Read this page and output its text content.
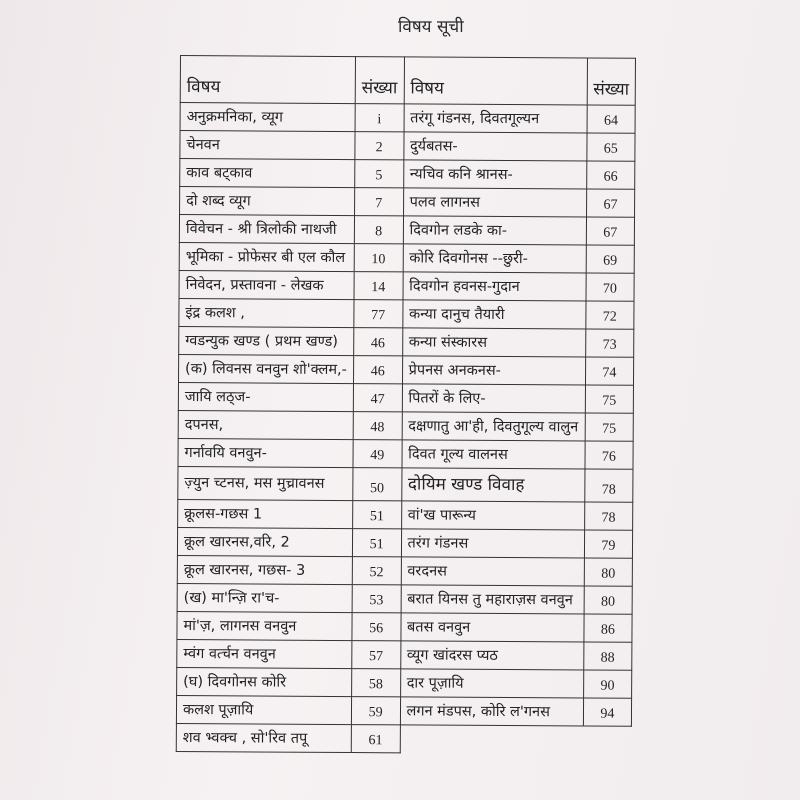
विषय सूची
विषय	संख्या	विषय	संख्या
अनुक्रमनिका, व्यूग	i	तरंगू गंडनस, दिवतगूल्यन	64
चेनवन	2	दुर्यबतस-	65
काव बट्काव	5	न्यचिव कनि श्रानस-	66
दो शब्द व्यूग	7	पलव लागनस	67
विवेचन - श्री त्रिलोकी नाथजी	8	दिवगोन लडके का-	67
भूमिका - प्रोफेसर बी एल कौल	10	कोरि दिवगोनस --छुरी-	69
निवेदन, प्रस्तावना - लेखक	14	दिवगोन हवनस-गुदान	70
इंद्र कलश ,	77	कन्या दानुच तैयारी	72
ग्वडन्युक खण्ड ( प्रथम खण्ड)	46	कन्या संस्कारस	73
(क) लिवनस वनवुन शो'क्लम,-	46	प्रेपनस अनकनस-	74
जायि लठ्ज-	47	पितरों के लिए-	75
दपनस,	48	दक्षणातु आ'ही, दिवतुगूल्य वालुन	75
गर्नावयि वनवुन-	49	दिवत गूल्य वालनस	76
ज़्युन च्टनस, मस मुच्रावनस	50	दोयिम खण्ड विवाह	78
क्रूलस-गछस 1	51	वां'ख पारून्य	78
क्रूल खारनस,वरि, 2	51	तरंग गंडनस	79
क्रूल खारनस, गछस- 3	52	वरदनस	80
(ख) मा'न्ज़ि रा'च-	53	बरात यिनस तु महाराज़स वनवुन	80
मां'ज़, लागनस वनवुन	56	बतस वनवुन	86
म्वंग वर्त्चन वनवुन	57	व्यूग खांदरस प्यठ	88
(घ) दिवगोनस कोरि	58	दार पूज़ायि	90
कलश पूज़ायि	59	लगन मंडपस, कोरि ल'गनस	94
शव भ्वक्च , सो'रिव तपू	61		
